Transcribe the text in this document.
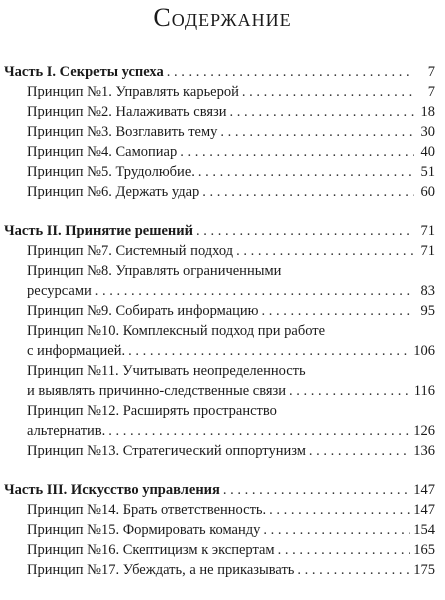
Содержание
Часть I. Секреты успеха . . .	7
Принцип №1. Управлять карьерой . . .	7
Принцип №2. Налаживать связи . . .	18
Принцип №3. Возглавить тему . . .	30
Принцип №4. Самопиар . . .	40
Принцип №5. Трудолюбие. . . .	51
Принцип №6. Держать удар . . .	60
Часть II. Принятие решений . . .	71
Принцип №7. Системный подход . . .	71
Принцип №8. Управлять ограниченными
ресурсами . . .	83
Принцип №9. Собирать информацию . . .	95
Принцип №10. Комплексный подход при работе
с информацией. . . .	106
Принцип №11. Учитывать неопределенность
и выявлять причинно-следственные связи . . .	116
Принцип №12. Расширять пространство
альтернатив. . . .	126
Принцип №13. Стратегический оппортунизм . . .	136
Часть III. Искусство управления . . .	147
Принцип №14. Брать ответственность. . . .	147
Принцип №15. Формировать команду . . .	154
Принцип №16. Скептицизм к экспертам . . .	165
Принцип №17. Убеждать, а не приказывать . . .	175
